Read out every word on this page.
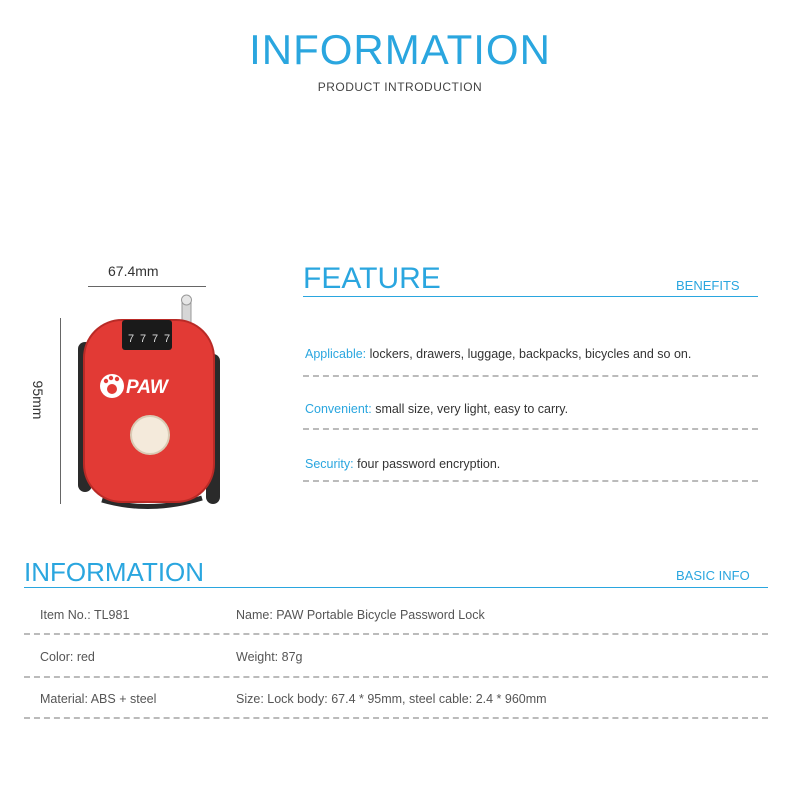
INFORMATION
PRODUCT INTRODUCTION
67.4mm
95mm
7 7 7 7
PAW
FEATURE	BENEFITS
Applicable: lockers, drawers, luggage, backpacks, bicycles and so on.
Convenient: small size, very light, easy to carry.
Security: four password encryption.
INFORMATION	BASIC INFO
Item No.: TL981	Name: PAW Portable Bicycle Password Lock
Color: red	Weight: 87g
Material: ABS + steel	Size: Lock body: 67.4 * 95mm, steel cable: 2.4 * 960mm
